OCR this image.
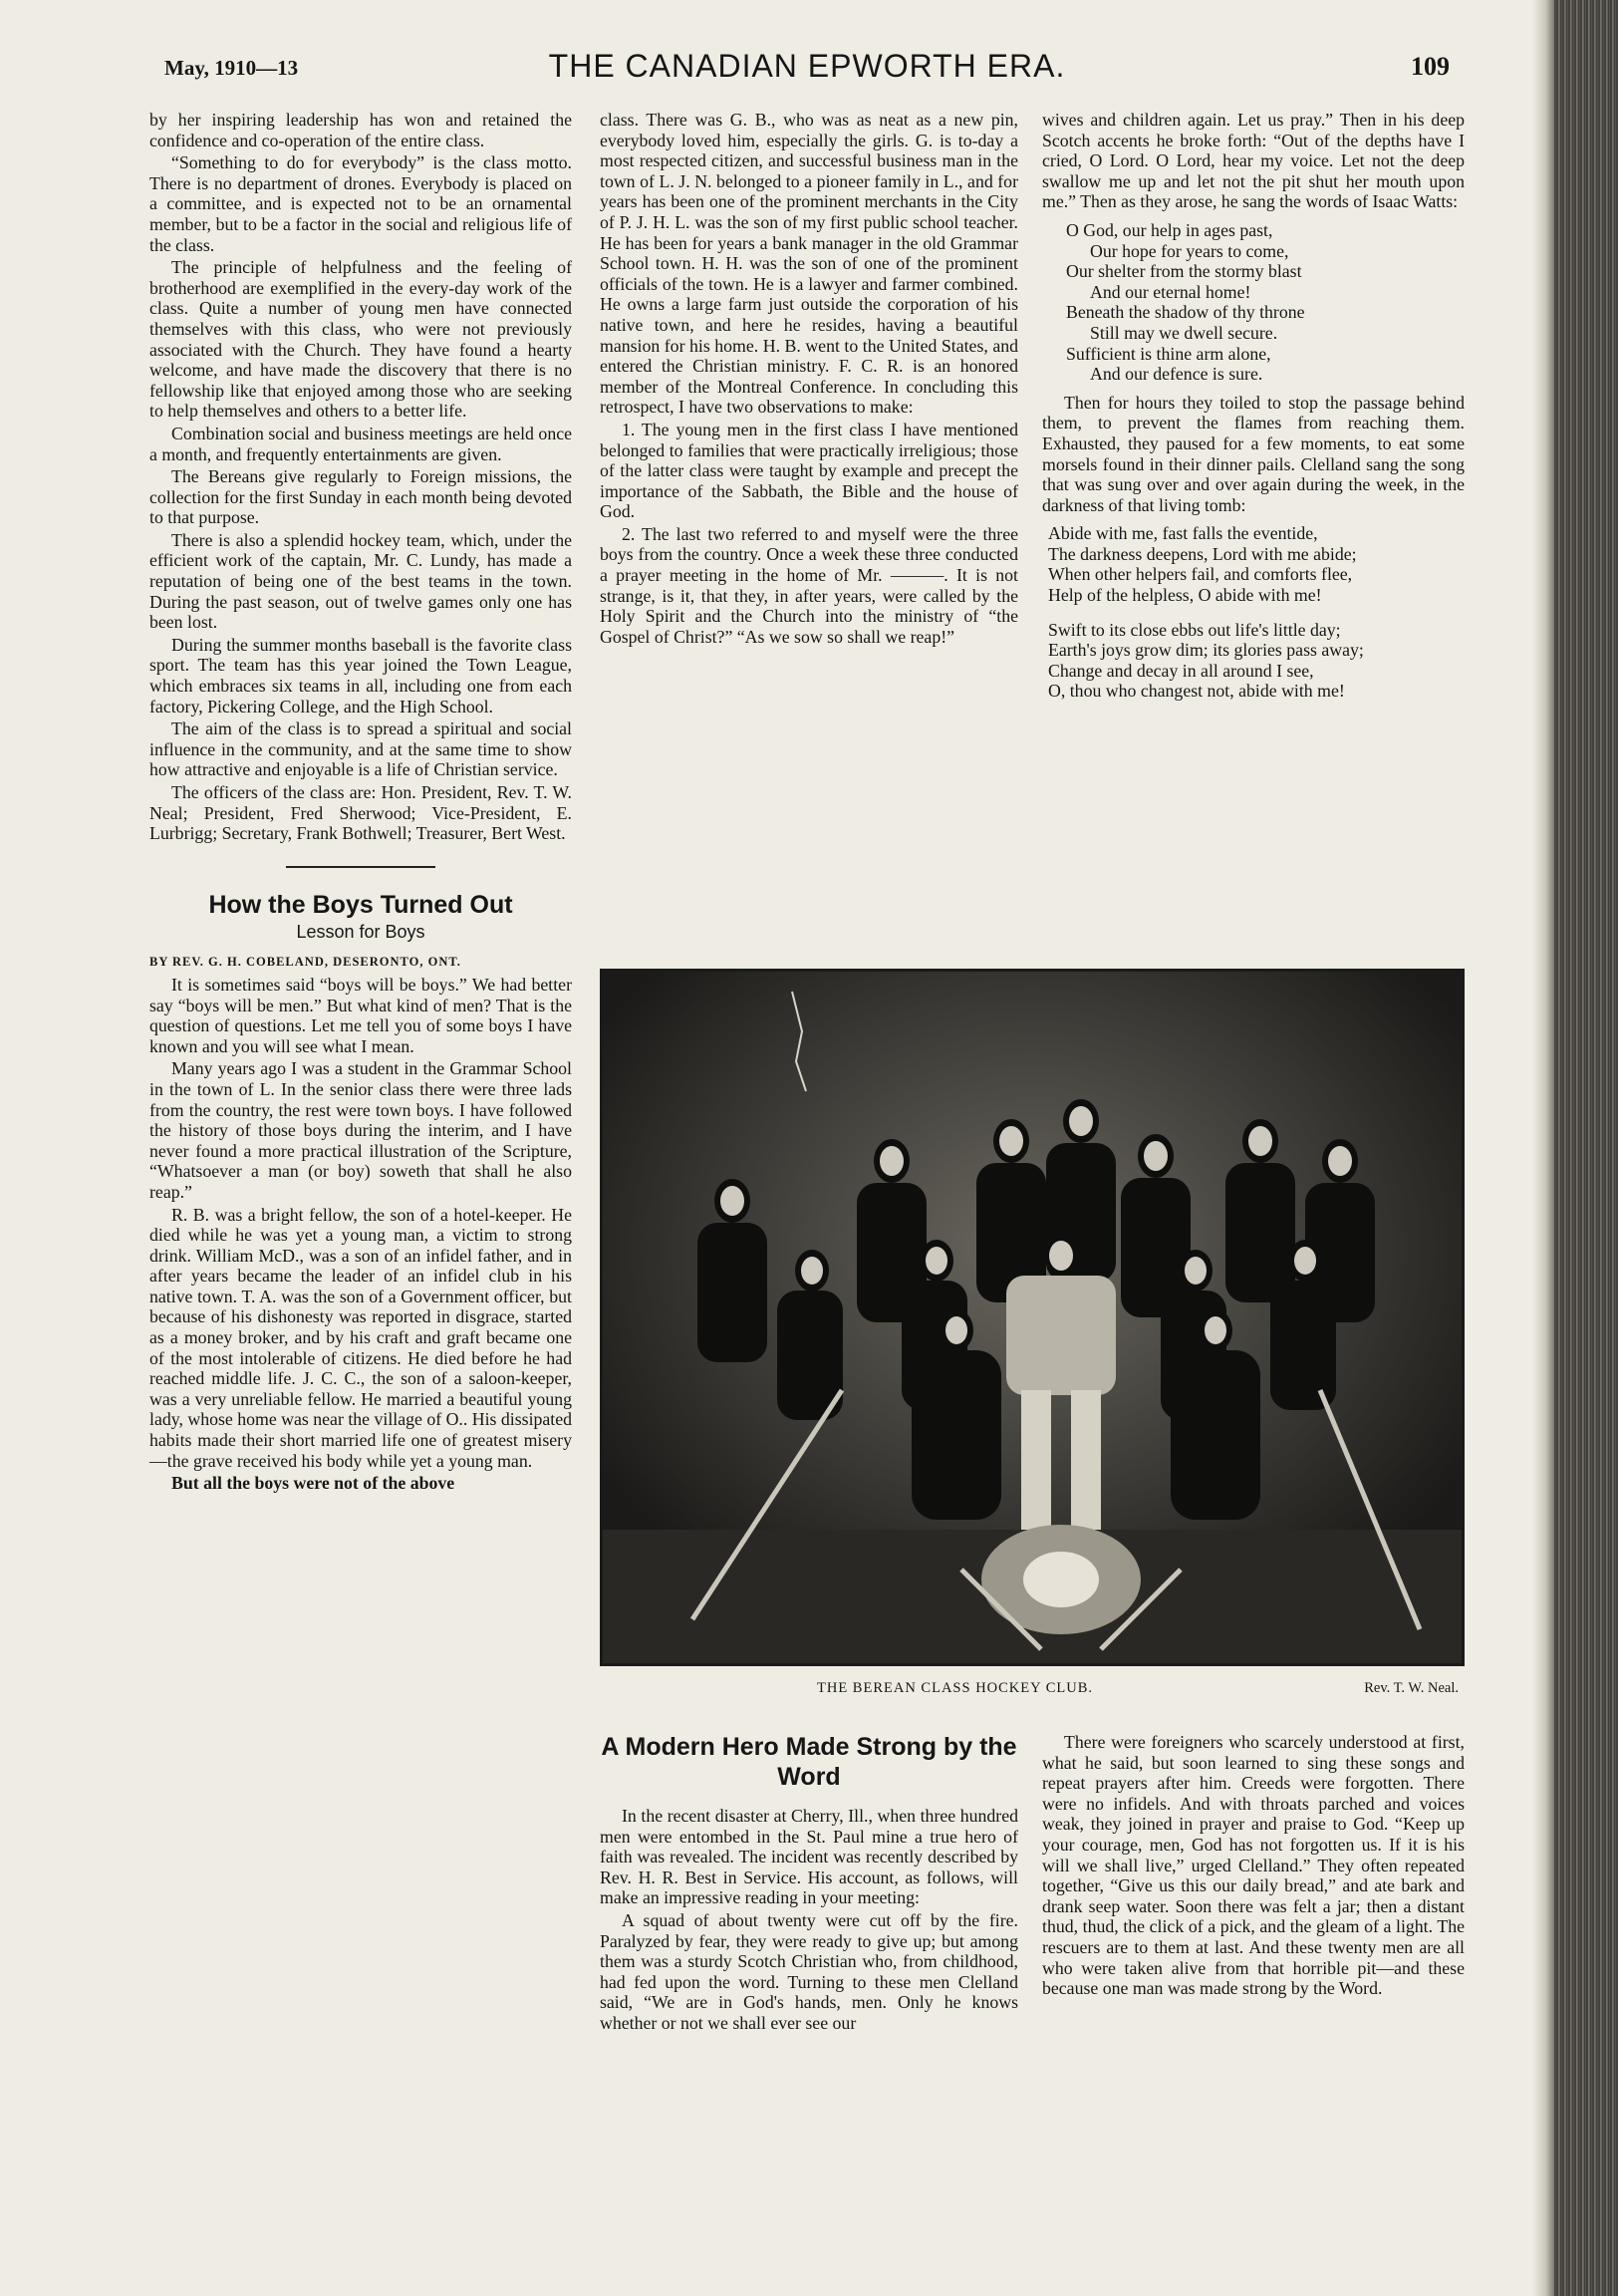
May, 1910—13	THE CANADIAN EPWORTH ERA.	109

by her inspiring leadership has won and retained the confidence and co-operation of the entire class.

“Something to do for everybody” is the class motto. There is no department of drones. Everybody is placed on a committee, and is expected not to be an ornamental member, but to be a factor in the social and religious life of the class.

The principle of helpfulness and the feeling of brotherhood are exemplified in the every-day work of the class. Quite a number of young men have connected themselves with this class, who were not previously associated with the Church. They have found a hearty welcome, and have made the discovery that there is no fellowship like that enjoyed among those who are seeking to help themselves and others to a better life.

Combination social and business meetings are held once a month, and frequently entertainments are given.

The Bereans give regularly to Foreign missions, the collection for the first Sunday in each month being devoted to that purpose.

There is also a splendid hockey team, which, under the efficient work of the captain, Mr. C. Lundy, has made a reputation of being one of the best teams in the town. During the past season, out of twelve games only one has been lost.

During the summer months baseball is the favorite class sport. The team has this year joined the Town League, which embraces six teams in all, including one from each factory, Pickering College, and the High School.

The aim of the class is to spread a spiritual and social influence in the community, and at the same time to show how attractive and enjoyable is a life of Christian service.

The officers of the class are: Hon. President, Rev. T. W. Neal; President, Fred Sherwood; Vice-President, E. Lurbrigg; Secretary, Frank Bothwell; Treasurer, Bert West.

How the Boys Turned Out
Lesson for Boys

BY REV. G. H. COBELAND, DESERONTO, ONT.

It is sometimes said “boys will be boys.” We had better say “boys will be men.” But what kind of men? That is the question of questions. Let me tell you of some boys I have known and you will see what I mean.

Many years ago I was a student in the Grammar School in the town of L. In the senior class there were three lads from the country, the rest were town boys. I have followed the history of those boys during the interim, and I have never found a more practical illustration of the Scripture, “Whatsoever a man (or boy) soweth that shall he also reap.”

R. B. was a bright fellow, the son of a hotel-keeper. He died while he was yet a young man, a victim to strong drink. William McD., was a son of an infidel father, and in after years became the leader of an infidel club in his native town. T. A. was the son of a Government officer, but because of his dishonesty was reported in disgrace, started as a money broker, and by his craft and graft became one of the most intolerable of citizens. He died before he had reached middle life. J. C. C., the son of a saloon-keeper, was a very unreliable fellow. He married a beautiful young lady, whose home was near the village of O.. His dissipated habits made their short married life one of greatest misery—the grave received his body while yet a young man.

But all the boys were not of the above

class. There was G. B., who was as neat as a new pin, everybody loved him, especially the girls. G. is to-day a most respected citizen, and successful business man in the town of L. J. N. belonged to a pioneer family in L., and for years has been one of the prominent merchants in the City of P. J. H. L. was the son of my first public school teacher. He has been for years a bank manager in the old Grammar School town. H. H. was the son of one of the prominent officials of the town. He is a lawyer and farmer combined. He owns a large farm just outside the corporation of his native town, and here he resides, having a beautiful mansion for his home. H. B. went to the United States, and entered the Christian ministry. F. C. R. is an honored member of the Montreal Conference. In concluding this retrospect, I have two observations to make:

1. The young men in the first class I have mentioned belonged to families that were practically irreligious; those of the latter class were taught by example and precept the importance of the Sabbath, the Bible and the house of God.

2. The last two referred to and myself were the three boys from the country. Once a week these three conducted a prayer meeting in the home of Mr. ———. It is not strange, is it, that they, in after years, were called by the Holy Spirit and the Church into the ministry of “the Gospel of Christ?” “As we sow so shall we reap!”

wives and children again. Let us pray.” Then in his deep Scotch accents he broke forth: “Out of the depths have I cried, O Lord. O Lord, hear my voice. Let not the deep swallow me up and let not the pit shut her mouth upon me.” Then as they arose, he sang the words of Isaac Watts:

O God, our help in ages past,
Our hope for years to come,
Our shelter from the stormy blast
And our eternal home!
Beneath the shadow of thy throne
Still may we dwell secure.
Sufficient is thine arm alone,
And our defence is sure.

Then for hours they toiled to stop the passage behind them, to prevent the flames from reaching them. Exhausted, they paused for a few moments, to eat some morsels found in their dinner pails. Clelland sang the song that was sung over and over again during the week, in the darkness of that living tomb:

Abide with me, fast falls the eventide,
The darkness deepens, Lord with me abide;
When other helpers fail, and comforts flee,
Help of the helpless, O abide with me!
Swift to its close ebbs out life's little day;
Earth's joys grow dim; its glories pass away;
Change and decay in all around I see,
O, thou who changest not, abide with me!
THE BEREAN CLASS HOCKEY CLUB.	Rev. T. W. Neal.
A Modern Hero Made Strong by the Word

In the recent disaster at Cherry, Ill., when three hundred men were entombed in the St. Paul mine a true hero of faith was revealed. The incident was recently described by Rev. H. R. Best in Service. His account, as follows, will make an impressive reading in your meeting:

A squad of about twenty were cut off by the fire. Paralyzed by fear, they were ready to give up; but among them was a sturdy Scotch Christian who, from childhood, had fed upon the word. Turning to these men Clelland said, “We are in God's hands, men. Only he knows whether or not we shall ever see our

There were foreigners who scarcely understood at first, what he said, but soon learned to sing these songs and repeat prayers after him. Creeds were forgotten. There were no infidels. And with throats parched and voices weak, they joined in prayer and praise to God. “Keep up your courage, men, God has not forgotten us. If it is his will we shall live,” urged Clelland.” They often repeated together, “Give us this our daily bread,” and ate bark and drank seep water. Soon there was felt a jar; then a distant thud, thud, the click of a pick, and the gleam of a light. The rescuers are to them at last. And these twenty men are all who were taken alive from that horrible pit—and these because one man was made strong by the Word.
